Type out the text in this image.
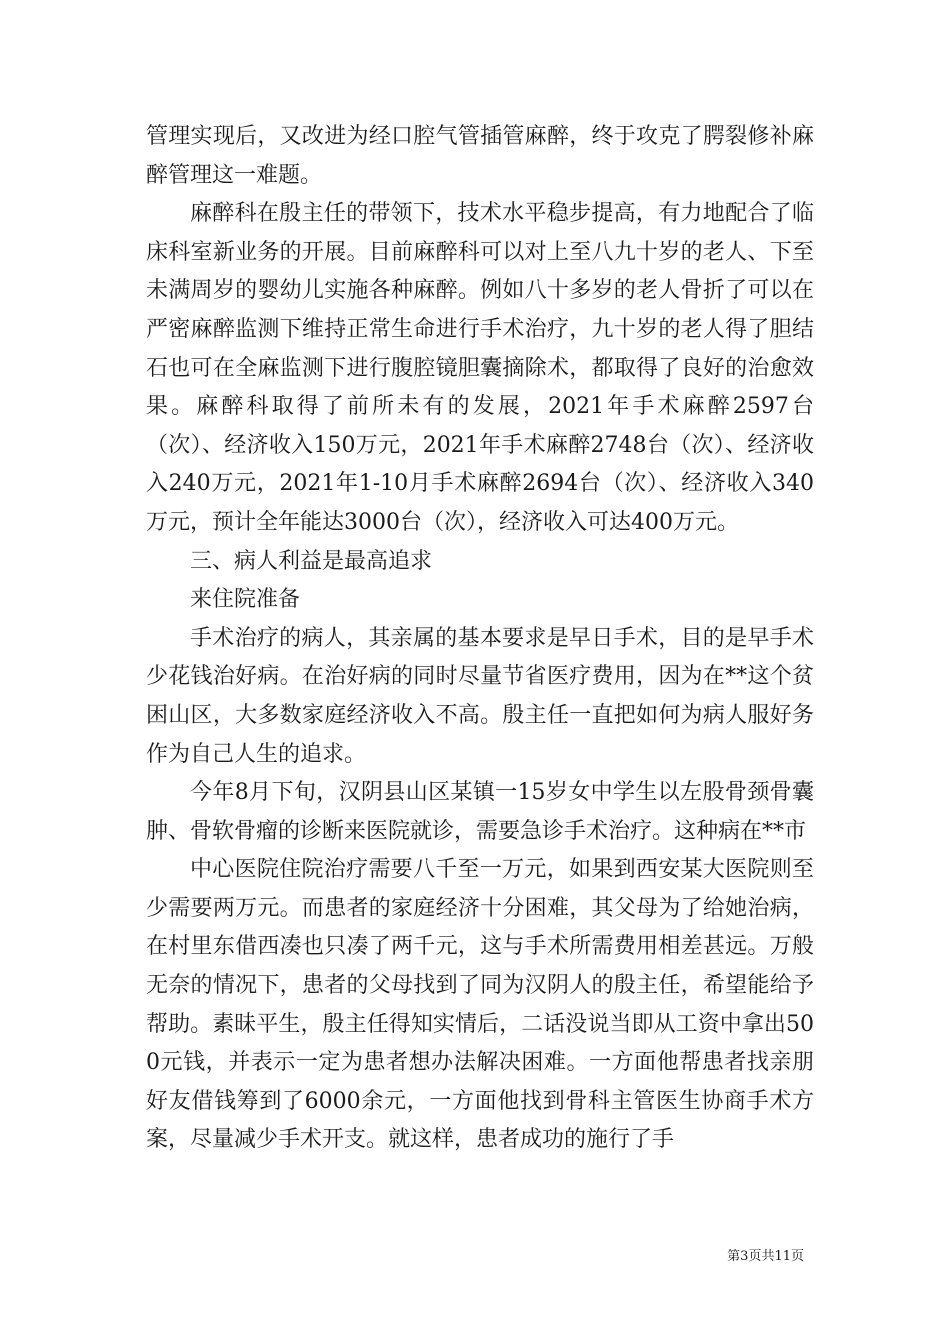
管理实现后，又改进为经口腔气管插管麻醉，终于攻克了腭裂修补麻醉管理这一难题。

麻醉科在殷主任的带领下，技术水平稳步提高，有力地配合了临床科室新业务的开展。目前麻醉科可以对上至八九十岁的老人、下至未满周岁的婴幼儿实施各种麻醉。例如八十多岁的老人骨折了可以在严密麻醉监测下维持正常生命进行手术治疗，九十岁的老人得了胆结石也可在全麻监测下进行腹腔镜胆囊摘除术，都取得了良好的治愈效果。麻醉科取得了前所未有的发展，2021年手术麻醉2597台（次）、经济收入150万元，2021年手术麻醉2748台（次）、经济收入240万元，2021年1-10月手术麻醉2694台（次）、经济收入340万元，预计全年能达3000台（次），经济收入可达400万元。

三、病人利益是最高追求

来住院准备

手术治疗的病人，其亲属的基本要求是早日手术，目的是早手术少花钱治好病。在治好病的同时尽量节省医疗费用，因为在**这个贫困山区，大多数家庭经济收入不高。殷主任一直把如何为病人服好务作为自己人生的追求。

今年8月下旬，汉阴县山区某镇一15岁女中学生以左股骨颈骨囊肿、骨软骨瘤的诊断来医院就诊，需要急诊手术治疗。这种病在**市

中心医院住院治疗需要八千至一万元，如果到西安某大医院则至少需要两万元。而患者的家庭经济十分困难，其父母为了给她治病，在村里东借西凑也只凑了两千元，这与手术所需费用相差甚远。万般无奈的情况下，患者的父母找到了同为汉阴人的殷主任，希望能给予帮助。素昧平生，殷主任得知实情后，二话没说当即从工资中拿出500元钱，并表示一定为患者想办法解决困难。一方面他帮患者找亲朋好友借钱筹到了6000余元，一方面他找到骨科主管医生协商手术方案，尽量减少手术开支。就这样，患者成功的施行了手

第3页共11页
